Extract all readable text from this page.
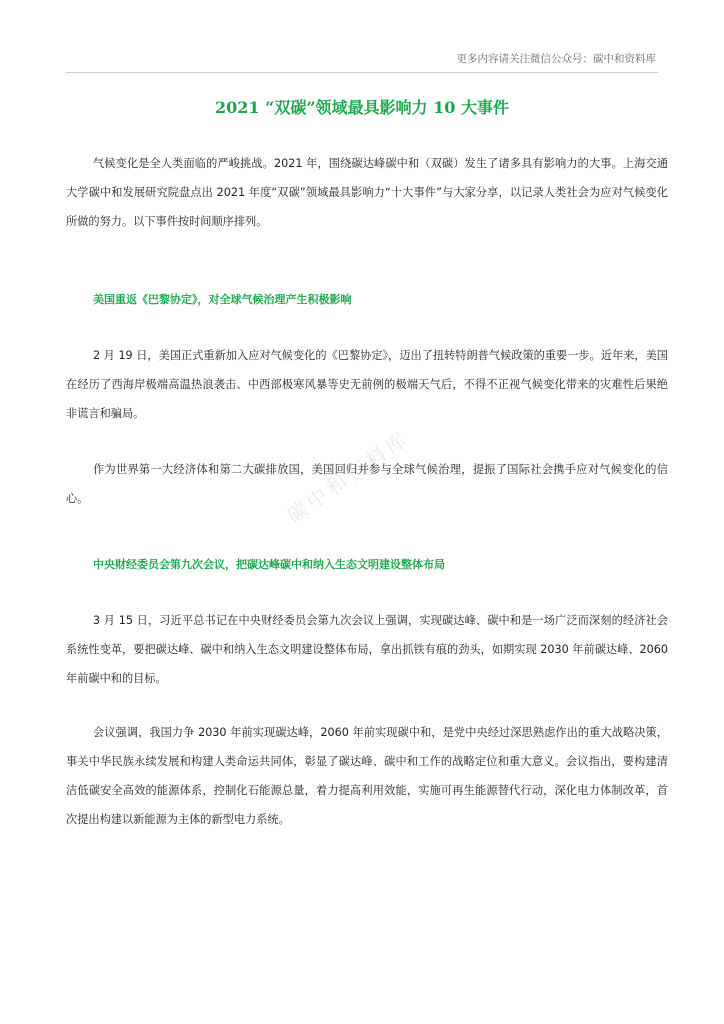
更多内容请关注微信公众号：碳中和资料库
2021 “双碳”领域最具影响力 10 大事件

气候变化是全人类面临的严峻挑战。2021 年，围绕碳达峰碳中和（双碳）发生了诸多具有影响力的大事。上海交通大学碳中和发展研究院盘点出 2021 年度“双碳”领域最具影响力“十大事件”与大家分享，以记录人类社会为应对气候变化所做的努力。以下事件按时间顺序排列。

美国重返《巴黎协定》，对全球气候治理产生积极影响

2 月 19 日，美国正式重新加入应对气候变化的《巴黎协定》，迈出了扭转特朗普气候政策的重要一步。近年来，美国在经历了西海岸极端高温热浪袭击、中西部极寒风暴等史无前例的极端天气后，不得不正视气候变化带来的灾难性后果绝非谎言和骗局。

作为世界第一大经济体和第二大碳排放国，美国回归并参与全球气候治理，提振了国际社会携手应对气候变化的信心。

中央财经委员会第九次会议，把碳达峰碳中和纳入生态文明建设整体布局

3 月 15 日，习近平总书记在中央财经委员会第九次会议上强调，实现碳达峰、碳中和是一场广泛而深刻的经济社会系统性变革，要把碳达峰、碳中和纳入生态文明建设整体布局，拿出抓铁有痕的劲头，如期实现 2030 年前碳达峰、2060 年前碳中和的目标。

会议强调，我国力争 2030 年前实现碳达峰，2060 年前实现碳中和，是党中央经过深思熟虑作出的重大战略决策，事关中华民族永续发展和构建人类命运共同体，彰显了碳达峰、碳中和工作的战略定位和重大意义。会议指出，要构建清洁低碳安全高效的能源体系，控制化石能源总量，着力提高利用效能，实施可再生能源替代行动，深化电力体制改革，首次提出构建以新能源为主体的新型电力系统。

碳中和资料库
